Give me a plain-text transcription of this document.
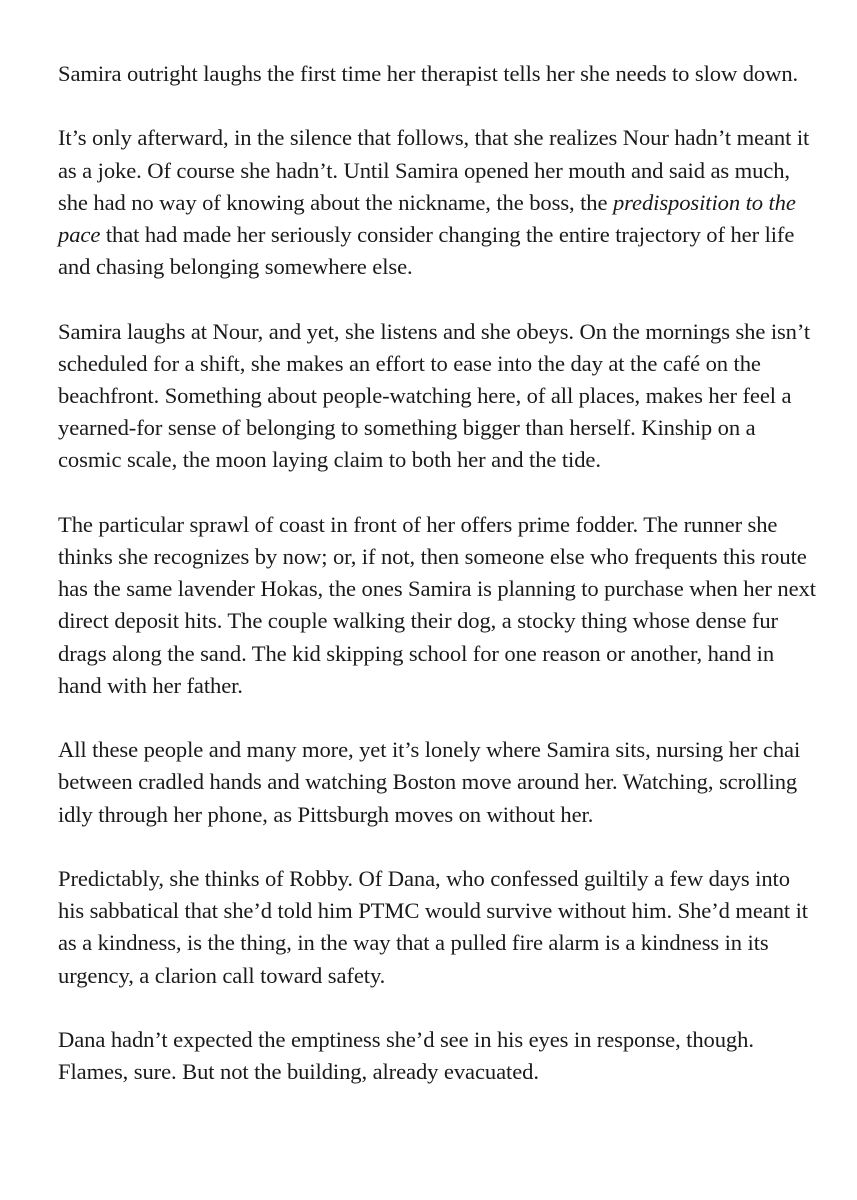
Samira outright laughs the first time her therapist tells her she needs to slow down.

It’s only afterward, in the silence that follows, that she realizes Nour hadn’t meant it as a joke. Of course she hadn’t. Until Samira opened her mouth and said as much, she had no way of knowing about the nickname, the boss, the predisposition to the pace that had made her seriously consider changing the entire trajectory of her life and chasing belonging somewhere else.

Samira laughs at Nour, and yet, she listens and she obeys. On the mornings she isn’t scheduled for a shift, she makes an effort to ease into the day at the café on the beachfront. Something about people-watching here, of all places, makes her feel a yearned-for sense of belonging to something bigger than herself. Kinship on a cosmic scale, the moon laying claim to both her and the tide.

The particular sprawl of coast in front of her offers prime fodder. The runner she thinks she recognizes by now; or, if not, then someone else who frequents this route has the same lavender Hokas, the ones Samira is planning to purchase when her next direct deposit hits. The couple walking their dog, a stocky thing whose dense fur drags along the sand. The kid skipping school for one reason or another, hand in hand with her father.

All these people and many more, yet it’s lonely where Samira sits, nursing her chai between cradled hands and watching Boston move around her. Watching, scrolling idly through her phone, as Pittsburgh moves on without her.

Predictably, she thinks of Robby. Of Dana, who confessed guiltily a few days into his sabbatical that she’d told him PTMC would survive without him. She’d meant it as a kindness, is the thing, in the way that a pulled fire alarm is a kindness in its urgency, a clarion call toward safety.

Dana hadn’t expected the emptiness she’d see in his eyes in response, though. Flames, sure. But not the building, already evacuated.
